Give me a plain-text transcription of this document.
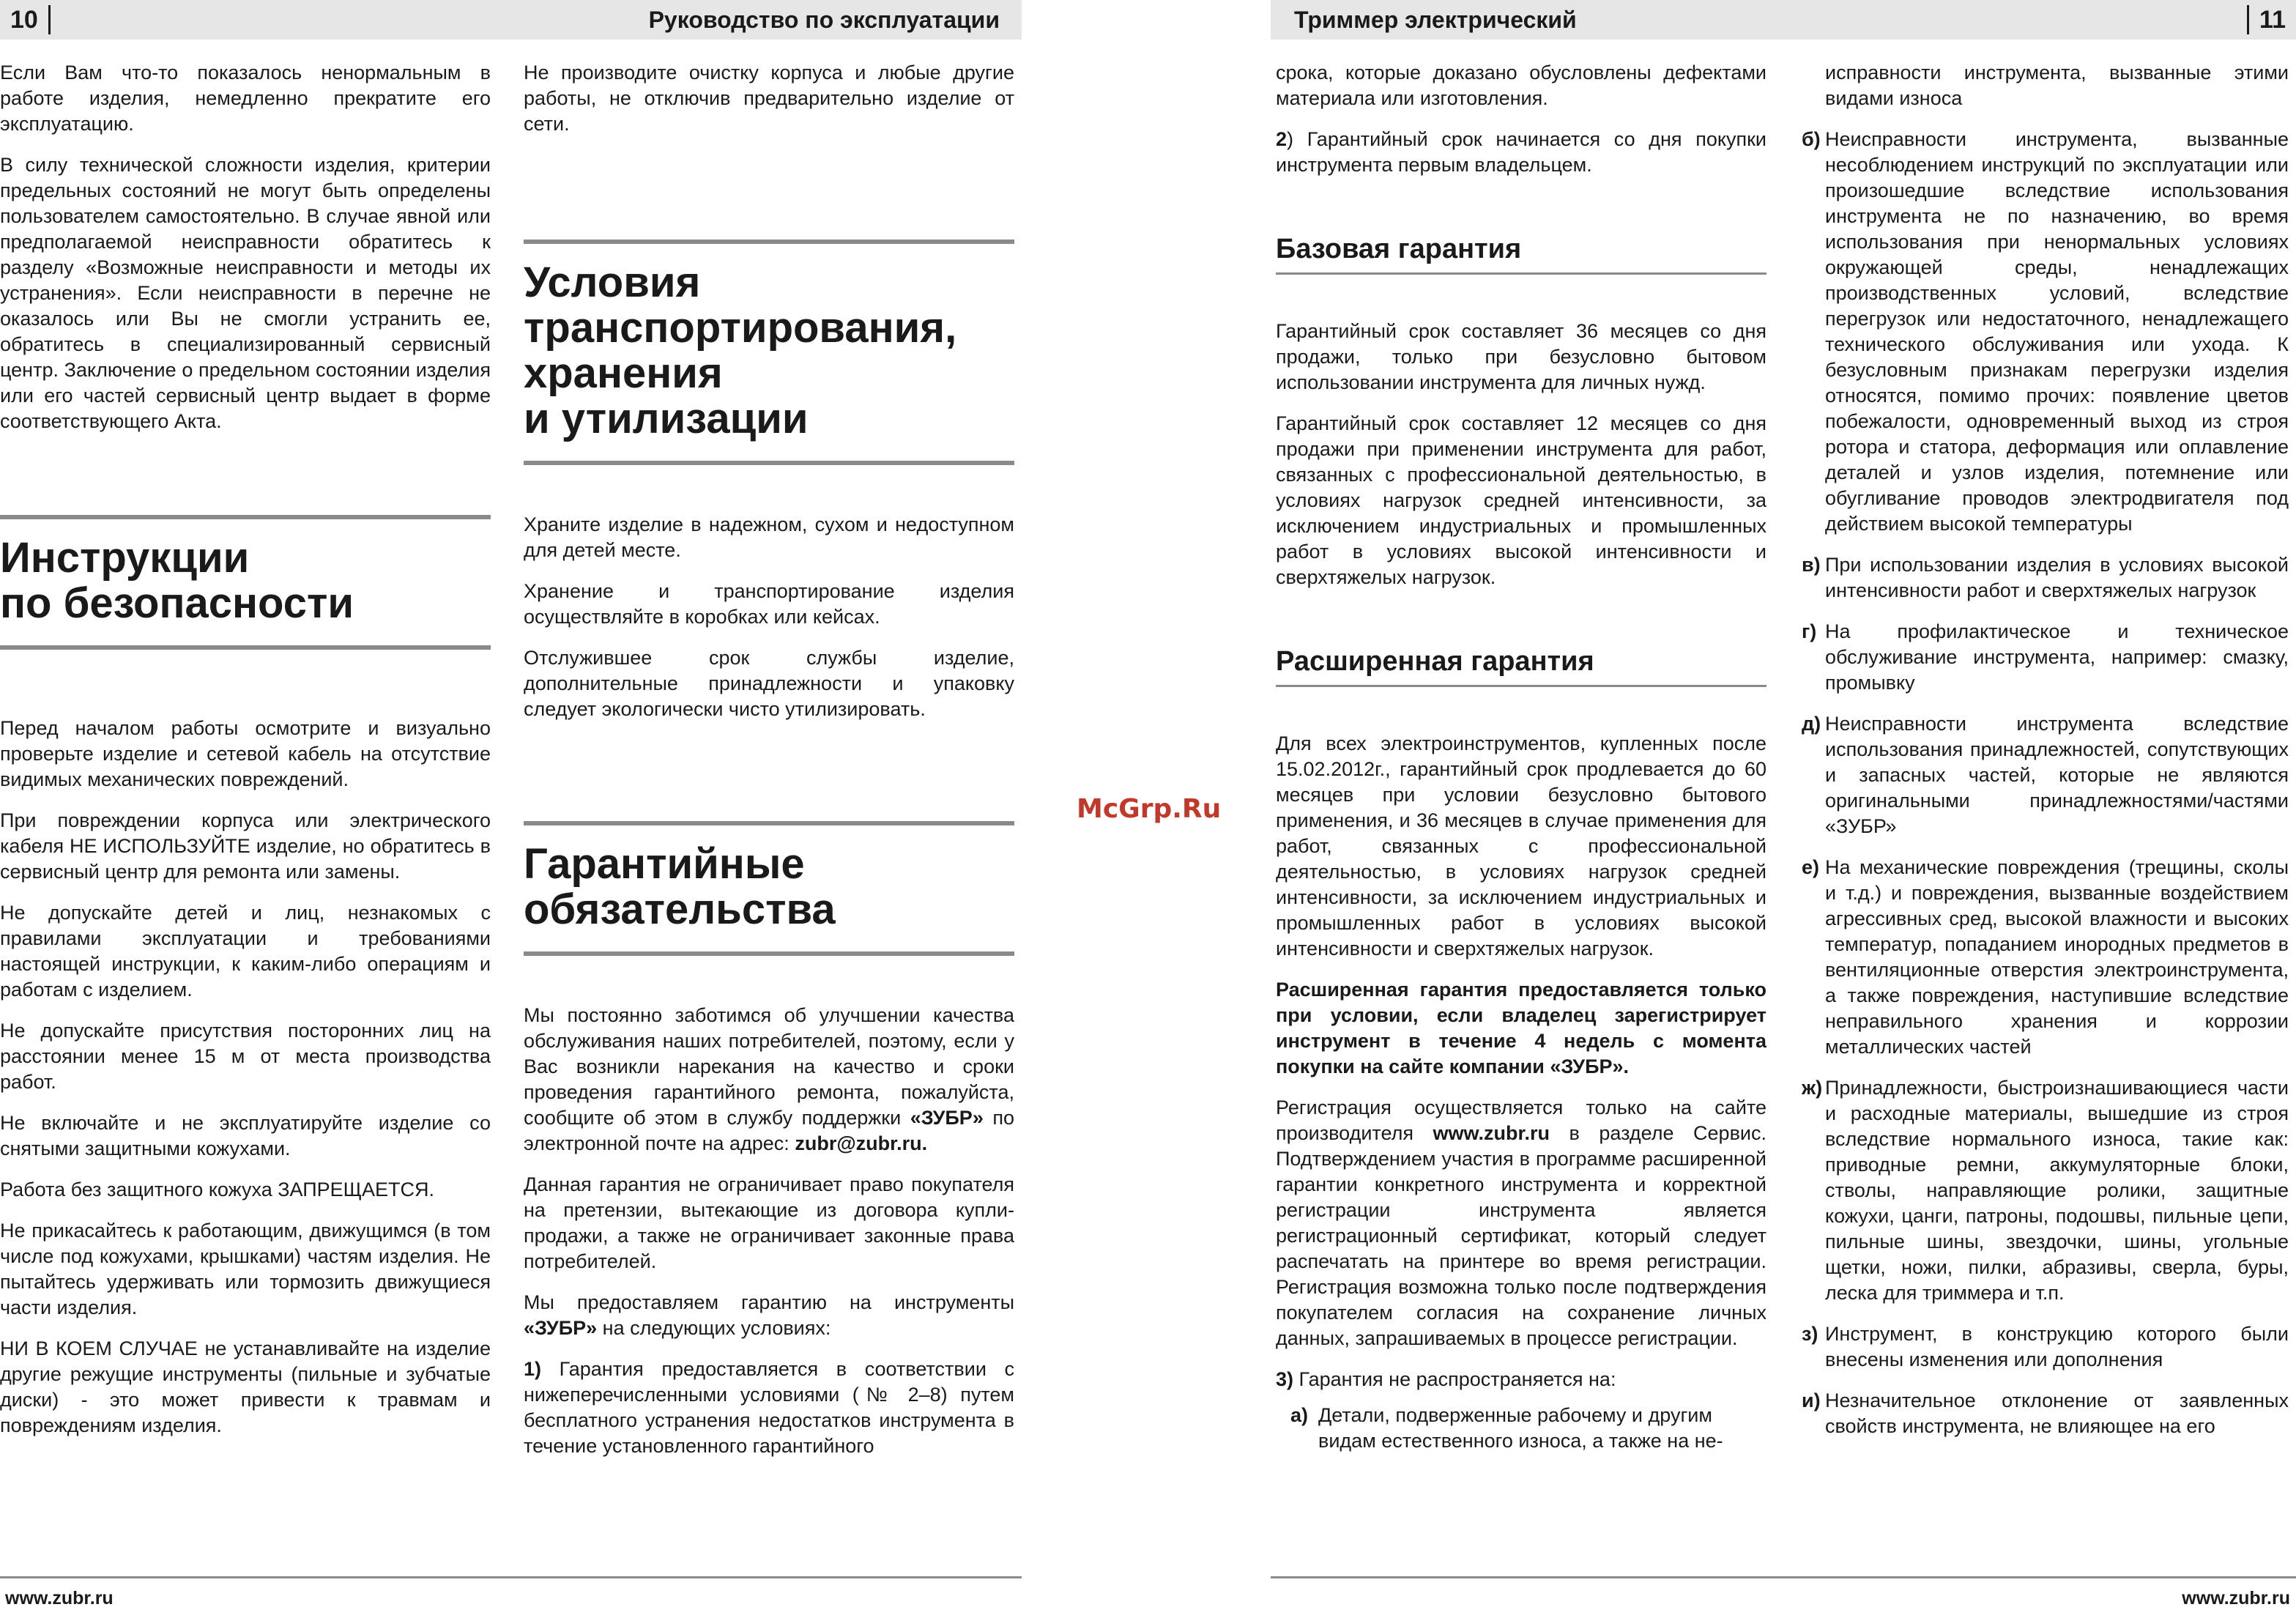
10	Руководство по эксплуатации

Если Вам что-то показалось ненормальным в работе изделия, немедленно прекратите его эксплуатацию.

В силу технической сложности изделия, критерии предельных состояний не могут быть определены пользователем самостоятельно. В случае явной или предполагаемой неисправности обратитесь к разделу «Возможные неисправности и методы их устранения». Если неисправности в перечне не оказалось или Вы не смогли устранить ее, обратитесь в специализированный сервисный центр. Заключение о предельном состоянии изделия или его частей сервисный центр выдает в форме соответствующего Акта.

Инструкции
по безопасности

Перед началом работы осмотрите и визуально проверьте изделие и сетевой кабель на отсутствие видимых механических повреждений.

При повреждении корпуса или электрического кабеля НЕ ИСПОЛЬЗУЙТЕ изделие, но обратитесь в сервисный центр для ремонта или замены.

Не допускайте детей и лиц, незнакомых с правилами эксплуатации и требованиями настоящей инструкции, к каким-либо операциям и работам с изделием.

Не допускайте присутствия посторонних лиц на расстоянии менее 15 м от места производства работ.

Не включайте и не эксплуатируйте изделие со снятыми защитными кожухами.

Работа без защитного кожуха ЗАПРЕЩАЕТСЯ.

Не прикасайтесь к работающим, движущимся (в том числе под кожухами, крышками) частям изделия. Не пытайтесь удерживать или тормозить движущиеся части изделия.

НИ В КОЕМ СЛУЧАЕ не устанавливайте на изделие другие режущие инструменты (пильные и зубчатые диски) - это может привести к травмам и повреждениям изделия.

Не производите очистку корпуса и любые другие работы, не отключив предварительно изделие от сети.

Условия
транспортирования,
хранения
и утилизации

Храните изделие в надежном, сухом и недоступном для детей месте.

Хранение и транспортирование изделия осуществляйте в коробках или кейсах.

Отслужившее срок службы изделие, дополнительные принадлежности и упаковку следует экологически чисто утилизировать.

Гарантийные
обязательства

Мы постоянно заботимся об улучшении качества обслуживания наших потребителей, поэтому, если у Вас возникли нарекания на качество и сроки проведения гарантийного ремонта, пожалуйста, сообщите об этом в службу поддержки «ЗУБР» по электронной почте на адрес: zubr@zubr.ru.

Данная гарантия не ограничивает право покупателя на претензии, вытекающие из договора купли-продажи, а также не ограничивает законные права потребителей.

Мы предоставляем гарантию на инструменты «ЗУБР» на следующих условиях:

1) Гарантия предоставляется в соответствии с нижеперечисленными условиями (№ 2–8) путем бесплатного устранения недостатков инструмента в течение установленного гарантийного

www.zubr.ru
McGrp.Ru
Триммер электрический	11

срока, которые доказано обусловлены дефектами материала или изготовления.

2) Гарантийный срок начинается со дня покупки инструмента первым владельцем.

Базовая гарантия

Гарантийный срок составляет 36 месяцев со дня продажи, только при безусловно бытовом использовании инструмента для личных нужд.

Гарантийный срок составляет 12 месяцев со дня продажи при применении инструмента для работ, связанных с профессиональной деятельностью, в условиях нагрузок средней интенсивности, за исключением индустриальных и промышленных работ в условиях высокой интенсивности и сверхтяжелых нагрузок.

Расширенная гарантия

Для всех электроинструментов, купленных после 15.02.2012г., гарантийный срок продлевается до 60 месяцев при условии безусловно бытового применения, и 36 месяцев в случае применения для работ, связанных с профессиональной деятельностью, в условиях нагрузок средней интенсивности, за исключением индустриальных и промышленных работ в условиях высокой интенсивности и сверхтяжелых нагрузок.

Расширенная гарантия предоставляется только при условии, если владелец зарегистрирует инструмент в течение 4 недель с момента покупки на сайте компании «ЗУБР».

Регистрация осуществляется только на сайте производителя www.zubr.ru в разделе Сервис. Подтверждением участия в программе расширенной гарантии конкретного инструмента и корректной регистрации инструмента является регистрационный сертификат, который следует распечатать на принтере во время регистрации. Регистрация возможна только после подтверждения покупателем согласия на сохранение личных данных, запрашиваемых в процессе регистрации.

3) Гарантия не распространяется на:

а) Детали, подверженные рабочему и другим видам естественного износа, а также на не-

исправности инструмента, вызванные этими видами износа

б) Неисправности инструмента, вызванные несоблюдением инструкций по эксплуатации или произошедшие вследствие использования инструмента не по назначению, во время использования при ненормальных условиях окружающей среды, ненадлежащих производственных условий, вследствие перегрузок или недостаточного, ненадлежащего технического обслуживания или ухода. К безусловным признакам перегрузки изделия относятся, помимо прочих: появление цветов побежалости, одновременный выход из строя ротора и статора, деформация или оплавление деталей и узлов изделия, потемнение или обугливание проводов электродвигателя под действием высокой температуры
в) При использовании изделия в условиях высокой интенсивности работ и сверхтяжелых нагрузок
г) На профилактическое и техническое обслуживание инструмента, например: смазку, промывку
д) Неисправности инструмента вследствие использования принадлежностей, сопутствующих и запасных частей, которые не являются оригинальными принадлежностями/частями «ЗУБР»
е) На механические повреждения (трещины, сколы и т.д.) и повреждения, вызванные воздействием агрессивных сред, высокой влажности и высоких температур, попаданием инородных предметов в вентиляционные отверстия электроинструмента, а также повреждения, наступившие вследствие неправильного хранения и коррозии металлических частей
ж) Принадлежности, быстроизнашивающиеся части и расходные материалы, вышедшие из строя вследствие нормального износа, такие как: приводные ремни, аккумуляторные блоки, стволы, направляющие ролики, защитные кожухи, цанги, патроны, подошвы, пильные цепи, пильные шины, звездочки, шины, угольные щетки, ножи, пилки, абразивы, сверла, буры, леска для триммера и т.п.
з) Инструмент, в конструкцию которого были внесены изменения или дополнения
и) Незначительное отклонение от заявленных свойств инструмента, не влияющее на его
www.zubr.ru
